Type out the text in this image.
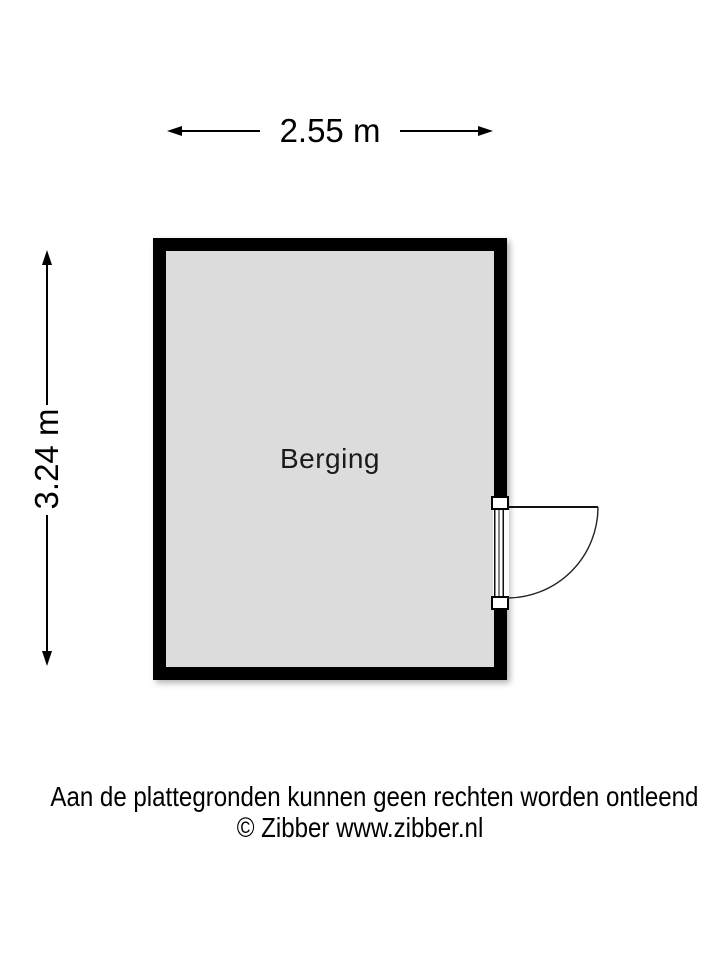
2.55 m
3.24 m	Berging
Aan de plattegronden kunnen geen rechten worden ontleend
© Zibber www.zibber.nl
